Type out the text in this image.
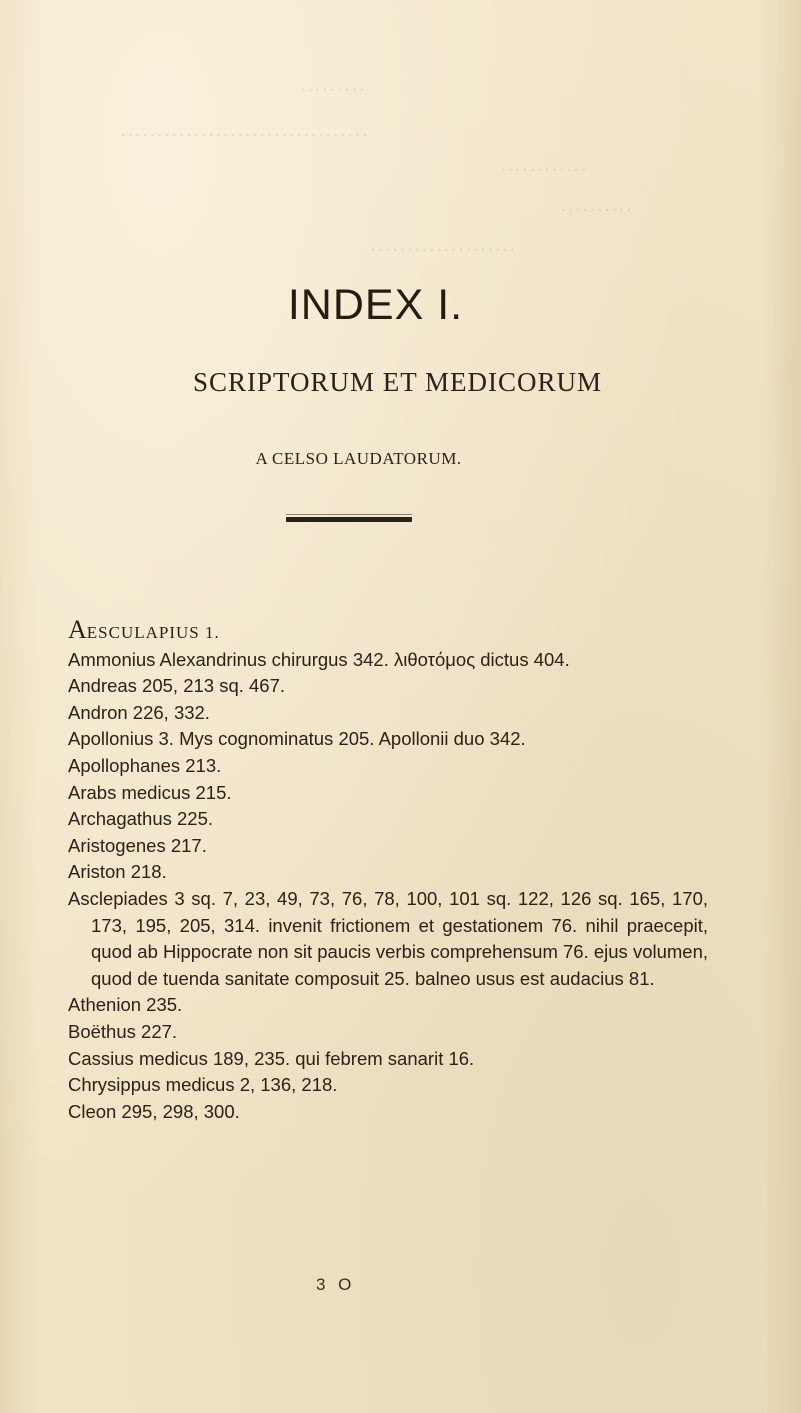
·········
··································
············
··········
····················
INDEX I.
SCRIPTORUM ET MEDICORUM
A CELSO LAUDATORUM.
AESCULAPIUS 1.
Ammonius Alexandrinus chirurgus 342. λιθοτόμος dictus 404.
Andreas 205, 213 sq. 467.
Andron 226, 332.
Apollonius 3. Mys cognominatus 205. Apollonii duo 342.
Apollophanes 213.
Arabs medicus 215.
Archagathus 225.
Aristogenes 217.
Ariston 218.
Asclepiades 3 sq. 7, 23, 49, 73, 76, 78, 100, 101 sq. 122, 126 sq. 165, 170, 173, 195, 205, 314. invenit frictionem et gestationem 76. nihil praecepit, quod ab Hippocrate non sit paucis verbis comprehensum 76. ejus volumen, quod de tuenda sanitate composuit 25. balneo usus est audacius 81.
Athenion 235.
Boëthus 227.
Cassius medicus 189, 235. qui febrem sanarit 16.
Chrysippus medicus 2, 136, 218.
Cleon 295, 298, 300.
3 O
